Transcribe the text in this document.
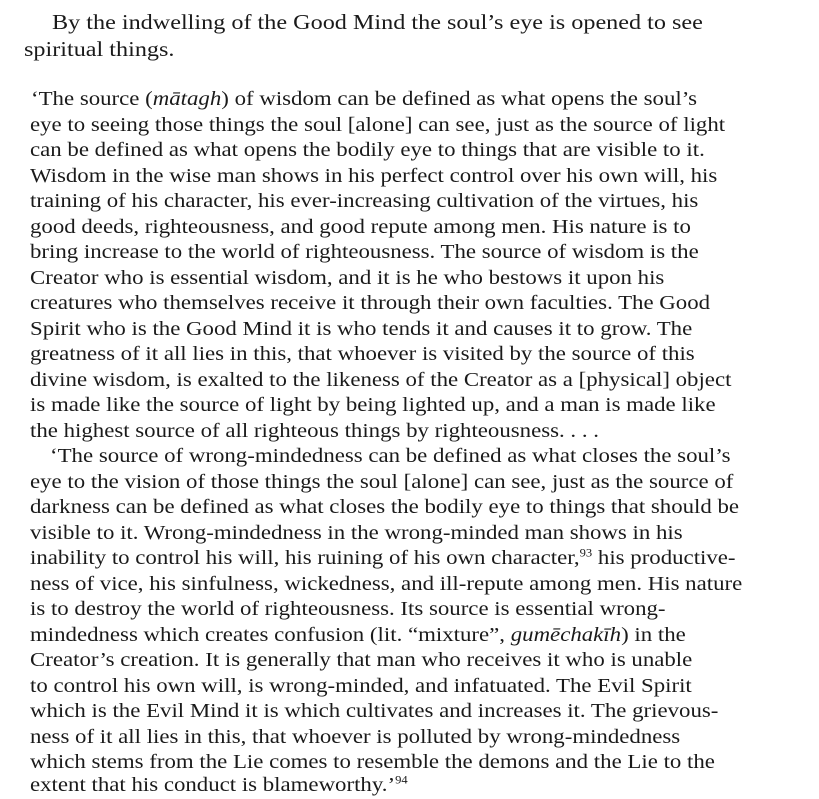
By the indwelling of the Good Mind the soul’s eye is opened to see

spiritual things.

‘The source (mātagh) of wisdom can be defined as what opens the soul’s

eye to seeing those things the soul [alone] can see, just as the source of light

can be defined as what opens the bodily eye to things that are visible to it.

Wisdom in the wise man shows in his perfect control over his own will, his

training of his character, his ever-increasing cultivation of the virtues, his

good deeds, righteousness, and good repute among men. His nature is to

bring increase to the world of righteousness. The source of wisdom is the

Creator who is essential wisdom, and it is he who bestows it upon his

creatures who themselves receive it through their own faculties. The Good

Spirit who is the Good Mind it is who tends it and causes it to grow. The

greatness of it all lies in this, that whoever is visited by the source of this

divine wisdom, is exalted to the likeness of the Creator as a [physical] object

is made like the source of light by being lighted up, and a man is made like

the highest source of all righteous things by righteousness. . . .

‘The source of wrong-mindedness can be defined as what closes the soul’s

eye to the vision of those things the soul [alone] can see, just as the source of

darkness can be defined as what closes the bodily eye to things that should be

visible to it. Wrong-mindedness in the wrong-minded man shows in his

inability to control his will, his ruining of his own character,$^{93}$ his productive-

ness of vice, his sinfulness, wickedness, and ill-repute among men. His nature

is to destroy the world of righteousness. Its source is essential wrong-

mindedness which creates confusion (lit. “mixture”, gumēchakīh) in the

Creator’s creation. It is generally that man who receives it who is unable

to control his own will, is wrong-minded, and infatuated. The Evil Spirit

which is the Evil Mind it is which cultivates and increases it. The grievous-

ness of it all lies in this, that whoever is polluted by wrong-mindedness

which stems from the Lie comes to resemble the demons and the Lie to the

extent that his conduct is blameworthy.’$^{94}$
